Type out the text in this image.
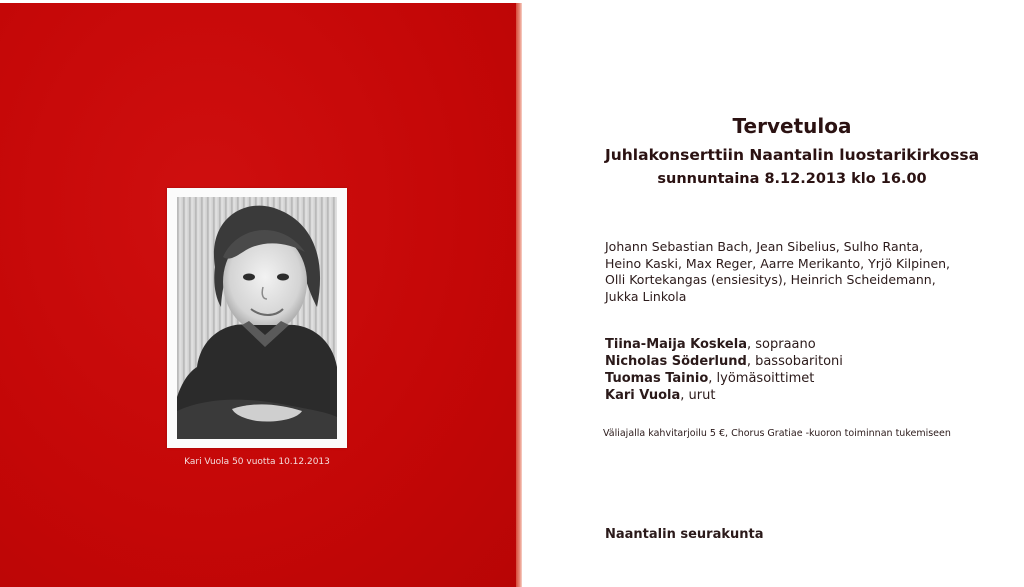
Kari Vuola 50 vuotta 10.12.2013
Tervetuloa
Juhlakonserttiin Naantalin luostarikirkossa
sunnuntaina 8.12.2013 klo 16.00
Johann Sebastian Bach, Jean Sibelius, Sulho Ranta,
Heino Kaski, Max Reger, Aarre Merikanto, Yrjö Kilpinen,
Olli Kortekangas (ensiesitys), Heinrich Scheidemann,
Jukka Linkola
Tiina-Maija Koskela, sopraano
Nicholas Söderlund, bassobaritoni
Tuomas Tainio, lyömäsoittimet
Kari Vuola, urut
Väliajalla kahvitarjoilu 5 €, Chorus Gratiae -kuoron toiminnan tukemiseen
Naantalin seurakunta
